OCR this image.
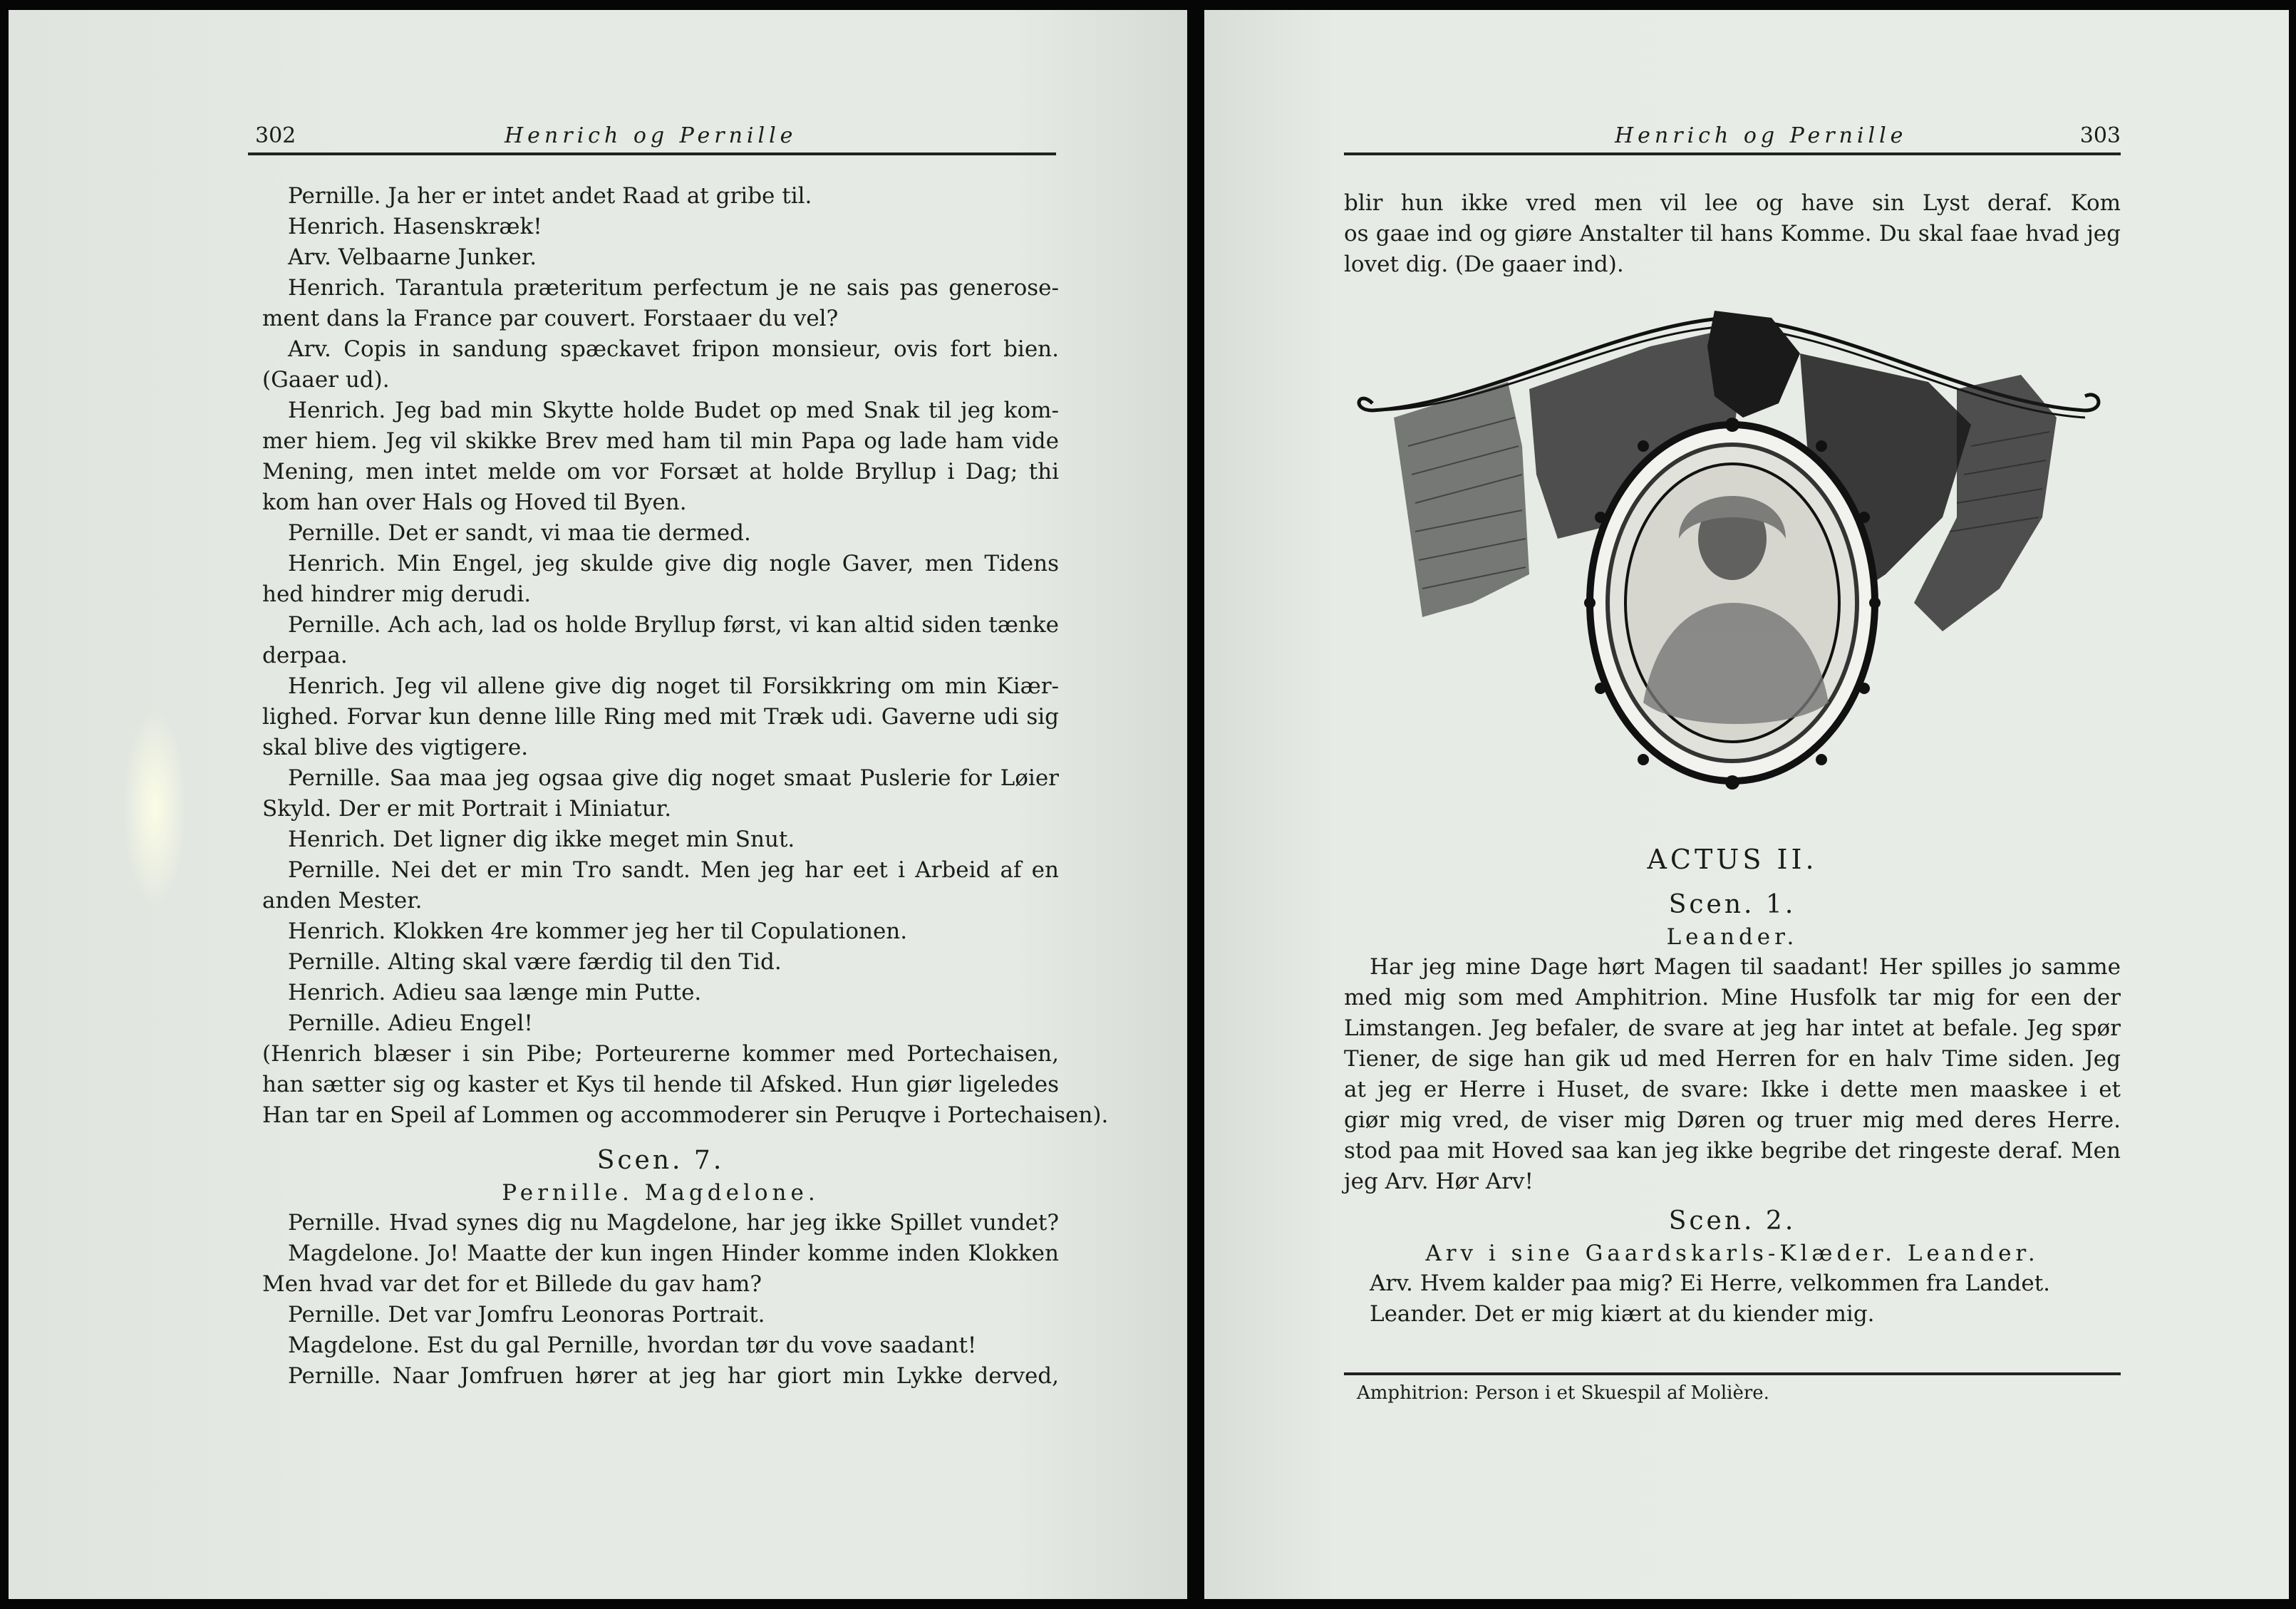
302	Henrich og Pernille
Pernille. Ja her er intet andet Raad at gribe til.
Henrich. Hasenskræk!
Arv. Velbaarne Junker.
Henrich. Tarantula præteritum perfectum je ne sais pas generose-
ment dans la France par couvert. Forstaaer du vel?
Arv. Copis in sandung spæckavet fripon monsieur, ovis fort bien.
(Gaaer ud).
Henrich. Jeg bad min Skytte holde Budet op med Snak til jeg kom-
mer hiem. Jeg vil skikke Brev med ham til min Papa og lade ham vide
Mening, men intet melde om vor Forsæt at holde Bryllup i Dag; thi
kom han over Hals og Hoved til Byen.
Pernille. Det er sandt, vi maa tie dermed.
Henrich. Min Engel, jeg skulde give dig nogle Gaver, men Tidens
hed hindrer mig derudi.
Pernille. Ach ach, lad os holde Bryllup først, vi kan altid siden tænke
derpaa.
Henrich. Jeg vil allene give dig noget til Forsikkring om min Kiær-
lighed. Forvar kun denne lille Ring med mit Træk udi. Gaverne udi sig
skal blive des vigtigere.
Pernille. Saa maa jeg ogsaa give dig noget smaat Puslerie for Løier
Skyld. Der er mit Portrait i Miniatur.
Henrich. Det ligner dig ikke meget min Snut.
Pernille. Nei det er min Tro sandt. Men jeg har eet i Arbeid af en
anden Mester.
Henrich. Klokken 4re kommer jeg her til Copulationen.
Pernille. Alting skal være færdig til den Tid.
Henrich. Adieu saa længe min Putte.
Pernille. Adieu Engel!
(Henrich blæser i sin Pibe; Porteurerne kommer med Portechaisen,
han sætter sig og kaster et Kys til hende til Afsked. Hun giør ligeledes
Han tar en Speil af Lommen og accommoderer sin Peruqve i Portechaisen).
Scen. 7.
Pernille. Magdelone.
Pernille. Hvad synes dig nu Magdelone, har jeg ikke Spillet vundet?
Magdelone. Jo! Maatte der kun ingen Hinder komme inden Klokken
Men hvad var det for et Billede du gav ham?
Pernille. Det var Jomfru Leonoras Portrait.
Magdelone. Est du gal Pernille, hvordan tør du vove saadant!
Pernille. Naar Jomfruen hører at jeg har giort min Lykke derved,
Henrich og Pernille	303
blir hun ikke vred men vil lee og have sin Lyst deraf. Kom
os gaae ind og giøre Anstalter til hans Komme. Du skal faae hvad jeg
lovet dig. (De gaaer ind).
ACTUS II.
Scen. 1.
Leander.
Har jeg mine Dage hørt Magen til saadant! Her spilles jo samme
med mig som med Amphitrion. Mine Husfolk tar mig for een der
Limstangen. Jeg befaler, de svare at jeg har intet at befale. Jeg spør
Tiener, de sige han gik ud med Herren for en halv Time siden. Jeg
at jeg er Herre i Huset, de svare: Ikke i dette men maaskee i et
giør mig vred, de viser mig Døren og truer mig med deres Herre.
stod paa mit Hoved saa kan jeg ikke begribe det ringeste deraf. Men
jeg Arv. Hør Arv!
Scen. 2.
Arv i sine Gaardskarls-Klæder. Leander.
Arv. Hvem kalder paa mig? Ei Herre, velkommen fra Landet.
Leander. Det er mig kiært at du kiender mig.
Amphitrion: Person i et Skuespil af Molière.
